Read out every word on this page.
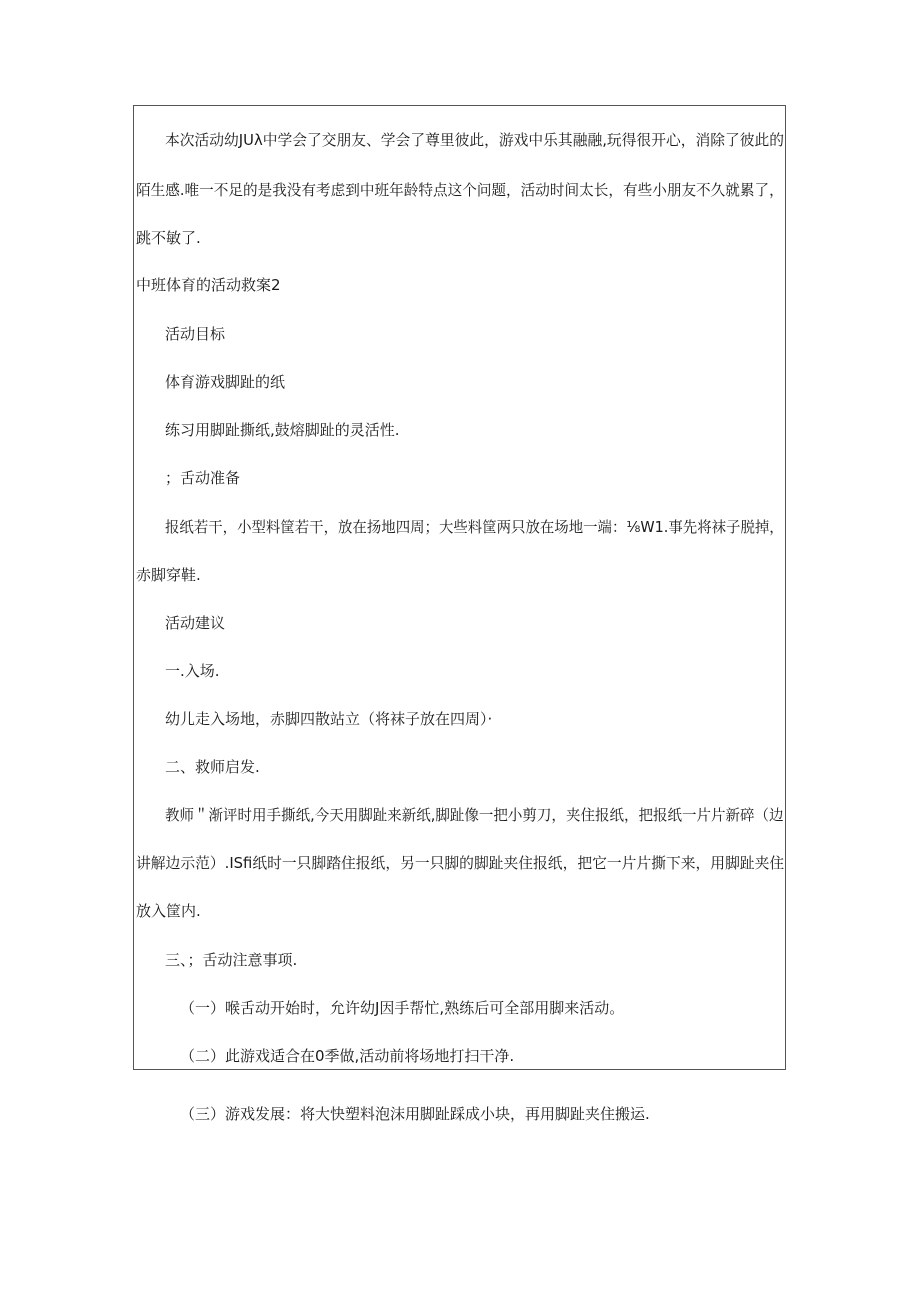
本次活动幼JUλ中学会了交朋友、学会了尊里彼此，游戏中乐其融融,玩得很开心，消除了彼此的
陌生感.唯一不足的是我没有考虑到中班年龄特点这个问题，活动时间太长，有些小朋友不久就累了，
跳不敏了.
中班体育的活动救案2
活动目标
体育游戏脚趾的纸
练习用脚趾撕纸,鼓熔脚趾的灵活性.
；舌动准备
报纸若干，小型料筐若干，放在扬地四周；大些料筐两只放在场地一端：⅛W1.事先将袜子脱掉，
赤脚穿鞋.
活动建议
一.入场.
幼儿走入场地，赤脚四散站立（将袜子放在四周）·
二、救师启发.
教师＂渐评时用手撕纸,今天用脚趾来新纸,脚趾像一把小剪刀，夹住报纸，把报纸一片片新碎（边
讲解边示范）.ISfi纸时一只脚踏住报纸，另一只脚的脚趾夹住报纸，把它一片片撕下来，用脚趾夹住
放入筐内.
三、；舌动注意事项.
（一）喉舌动开始时，允许幼J因手帮忙,熟练后可全部用脚来活动。
（二）此游戏适合在0季做,活动前将场地打扫干净.
（三）游戏发展：将大快塑料泡沫用脚趾踩成小块，再用脚趾夹住搬运.
